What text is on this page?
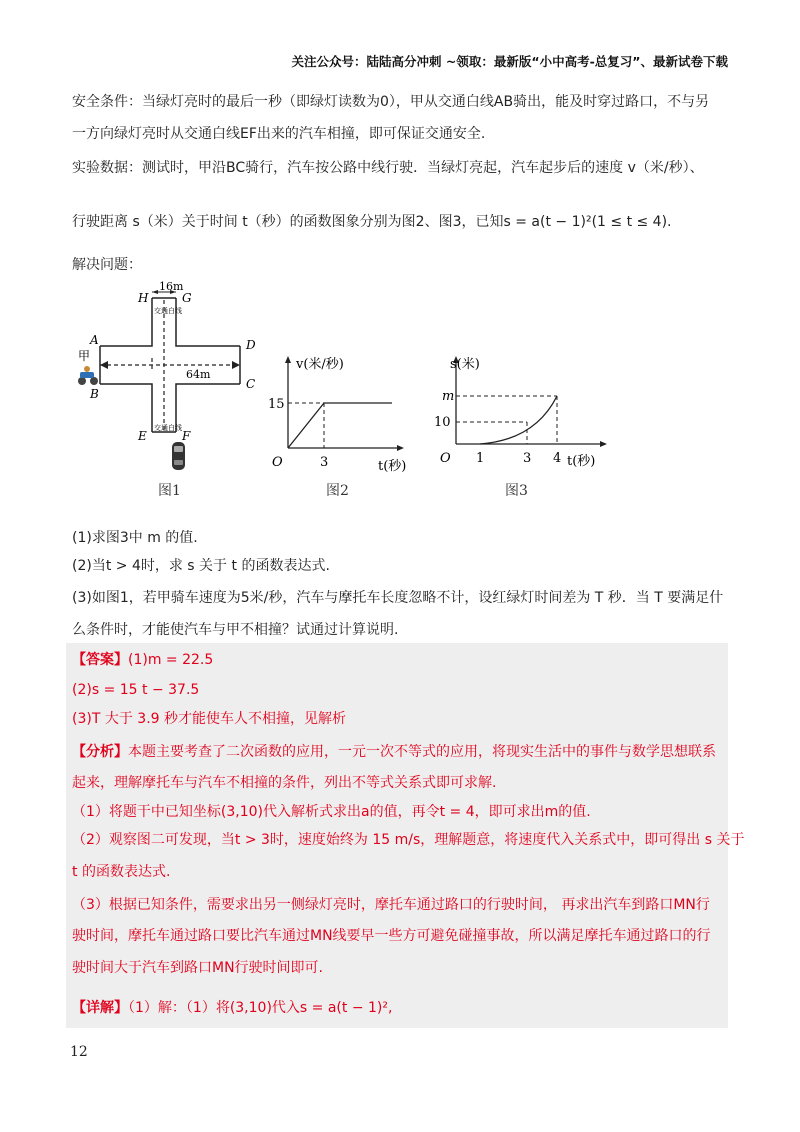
关注公众号：陆陆高分冲刺 ~领取：最新版“小中高考-总复习”、最新试卷下载
安全条件：当绿灯亮时的最后一秒（即绿灯读数为0），甲从交通白线AB骑出，能及时穿过路口，不与另
一方向绿灯亮时从交通白线EF出来的汽车相撞，即可保证交通安全.
实验数据：测试时，甲沿BC骑行，汽车按公路中线行驶．当绿灯亮起，汽车起步后的速度 v（米/秒）、
行驶距离 s（米）关于时间 t（秒）的函数图象分别为图2、图3，已知s = a(t − 1)²(1 ≤ t ≤ 4).
解决问题：
16m
H	G
A	D
B
C
E	F
64m
交通白线
交通白线
甲
图1
v(米/秒)
t(秒)
O
15
3
图2
s(米)
t(秒)
O
m
10
1	3 4
图3
(1)求图3中 m 的值.
(2)当t > 4时，求 s 关于 t 的函数表达式.
(3)如图1，若甲骑车速度为5米/秒，汽车与摩托车长度忽略不计，设红绿灯时间差为 T 秒．当 T 要满足什
么条件时，才能使汽车与甲不相撞？试通过计算说明.
【答案】(1)m = 22.5
(2)s = 15 t − 37.5
(3)T 大于 3.9 秒才能使车人不相撞，见解析
【分析】本题主要考查了二次函数的应用，一元一次不等式的应用，将现实生活中的事件与数学思想联系
起来，理解摩托车与汽车不相撞的条件，列出不等式关系式即可求解.
（1）将题干中已知坐标(3,10)代入解析式求出a的值，再令t = 4，即可求出m的值.
（2）观察图二可发现，当t > 3时，速度始终为 15 m/s，理解题意，将速度代入关系式中，即可得出 s 关于
t 的函数表达式.
（3）根据已知条件，需要求出另一侧绿灯亮时，摩托车通过路口的行驶时间， 再求出汽车到路口MN行
驶时间，摩托车通过路口要比汽车通过MN线要早一些方可避免碰撞事故，所以满足摩托车通过路口的行
驶时间大于汽车到路口MN行驶时间即可.
【详解】（1）解：（1）将(3,10)代入s = a(t − 1)²,
12
